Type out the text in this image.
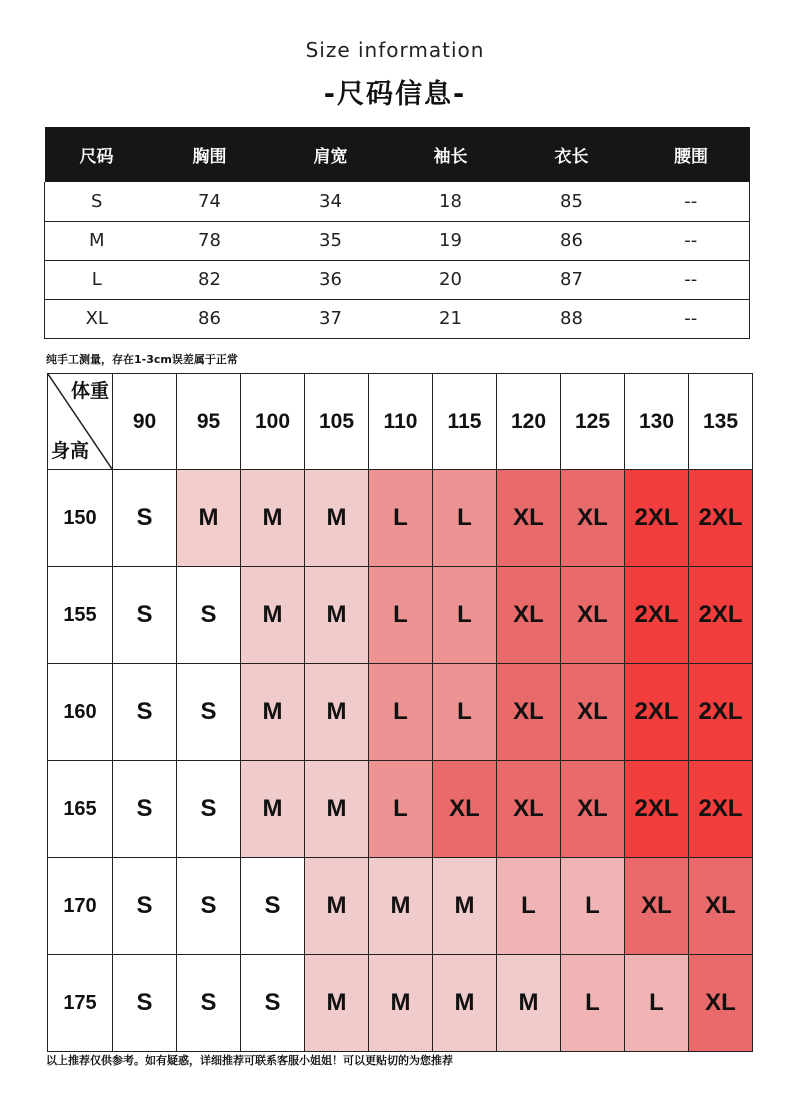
Size information
-尺码信息-
尺码	胸围	肩宽	袖长	衣长	腰围
S	74	34	18	85	--
M	78	35	19	86	--
L	82	36	20	87	--
XL	86	37	21	88	--
纯手工测量，存在1-3cm误差属于正常
体重
身高	90	95	100	105	110	115	120	125	130	135
150	S	M	M	M	L	L	XL	XL	2XL	2XL
155	S	S	M	M	L	L	XL	XL	2XL	2XL
160	S	S	M	M	L	L	XL	XL	2XL	2XL
165	S	S	M	M	L	XL	XL	XL	2XL	2XL
170	S	S	S	M	M	M	L	L	XL	XL
175	S	S	S	M	M	M	M	L	L	XL
以上推荐仅供参考。如有疑惑，详细推荐可联系客服小姐姐！可以更贴切的为您推荐
